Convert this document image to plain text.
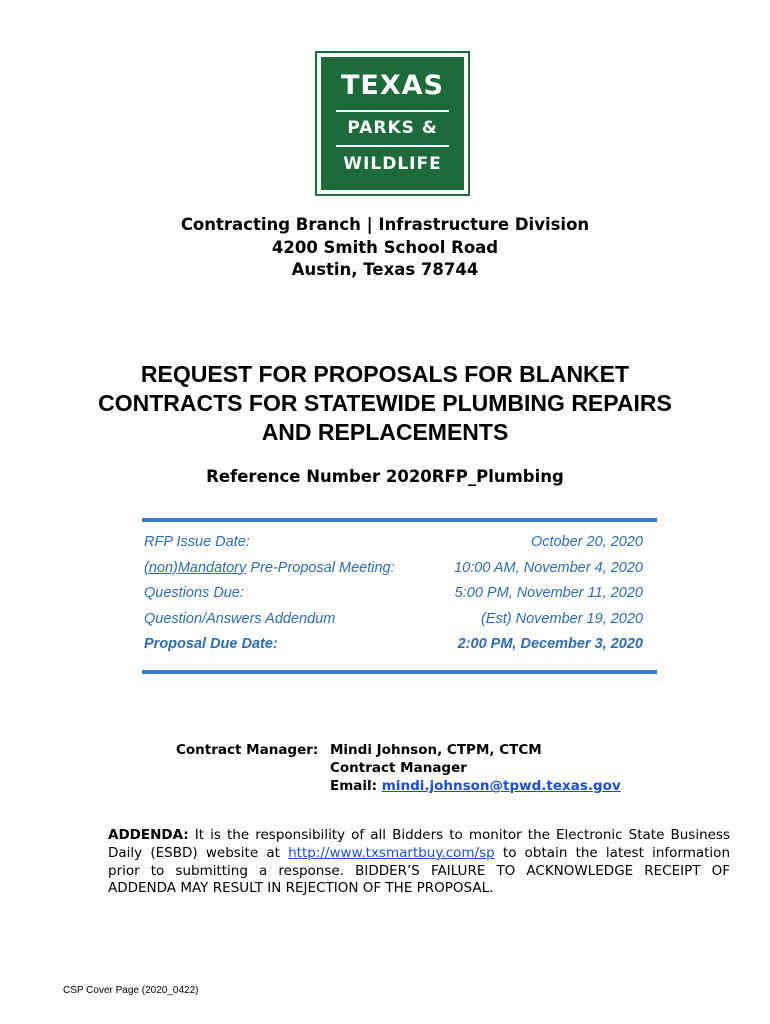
TEXAS
PARKS &
WILDLIFE
Contracting Branch | Infrastructure Division
4200 Smith School Road
Austin, Texas 78744
REQUEST FOR PROPOSALS FOR BLANKET
CONTRACTS FOR STATEWIDE PLUMBING REPAIRS
AND REPLACEMENTS
Reference Number 2020RFP_Plumbing
RFP Issue Date:	October 20, 2020
(non)Mandatory Pre-Proposal Meeting:	10:00 AM, November 4, 2020
Questions Due:	5:00 PM, November 11, 2020
Question/Answers Addendum	(Est) November 19, 2020
Proposal Due Date:	2:00 PM, December 3, 2020
Contract Manager: Mindi Johnson, CTPM, CTCM
Contract Manager
Email: mindi.johnson@tpwd.texas.gov
ADDENDA: It is the responsibility of all Bidders to monitor the Electronic State Business
Daily (ESBD) website at http://www.txsmartbuy.com/sp to obtain the latest information
prior to submitting a response. BIDDER’S FAILURE TO ACKNOWLEDGE RECEIPT OF
ADDENDA MAY RESULT IN REJECTION OF THE PROPOSAL.
CSP Cover Page (2020_0422)
